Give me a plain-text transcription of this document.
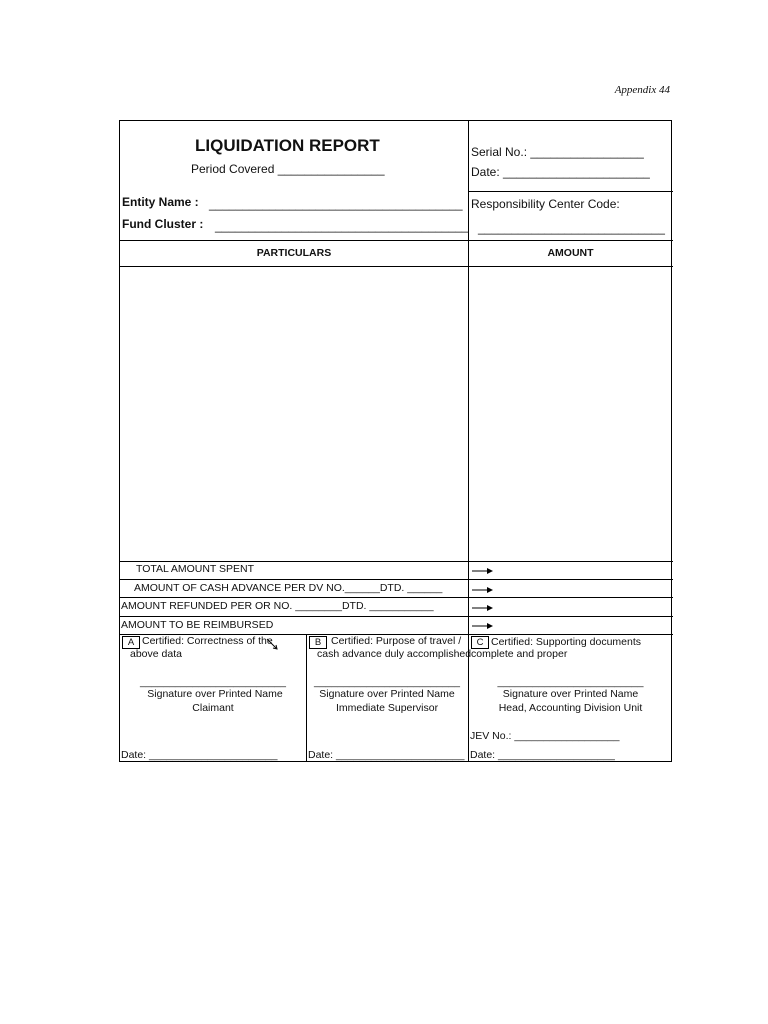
Appendix 44
LIQUIDATION REPORT
Period Covered ________________
Entity Name : ______________________________________
Fund Cluster : ______________________________________
Serial No.: _________________
Date: ______________________
Responsibility Center Code:
____________________________
PARTICULARS	AMOUNT
TOTAL AMOUNT SPENT
AMOUNT OF CASH ADVANCE PER DV NO.______DTD. ______
AMOUNT REFUNDED PER OR NO. ________DTD. ___________
AMOUNT TO BE REIMBURSED
A Certified: Correctness of the
above data
_________________________
Signature over Printed Name
Claimant
Date: ______________________
B Certified: Purpose of travel /
cash advance duly accomplished
_________________________
Signature over Printed Name
Immediate Supervisor
Date: ______________________
C Certified: Supporting documents
complete and proper
_________________________
Signature over Printed Name
Head, Accounting Division Unit
JEV No.: __________________
Date: ____________________
